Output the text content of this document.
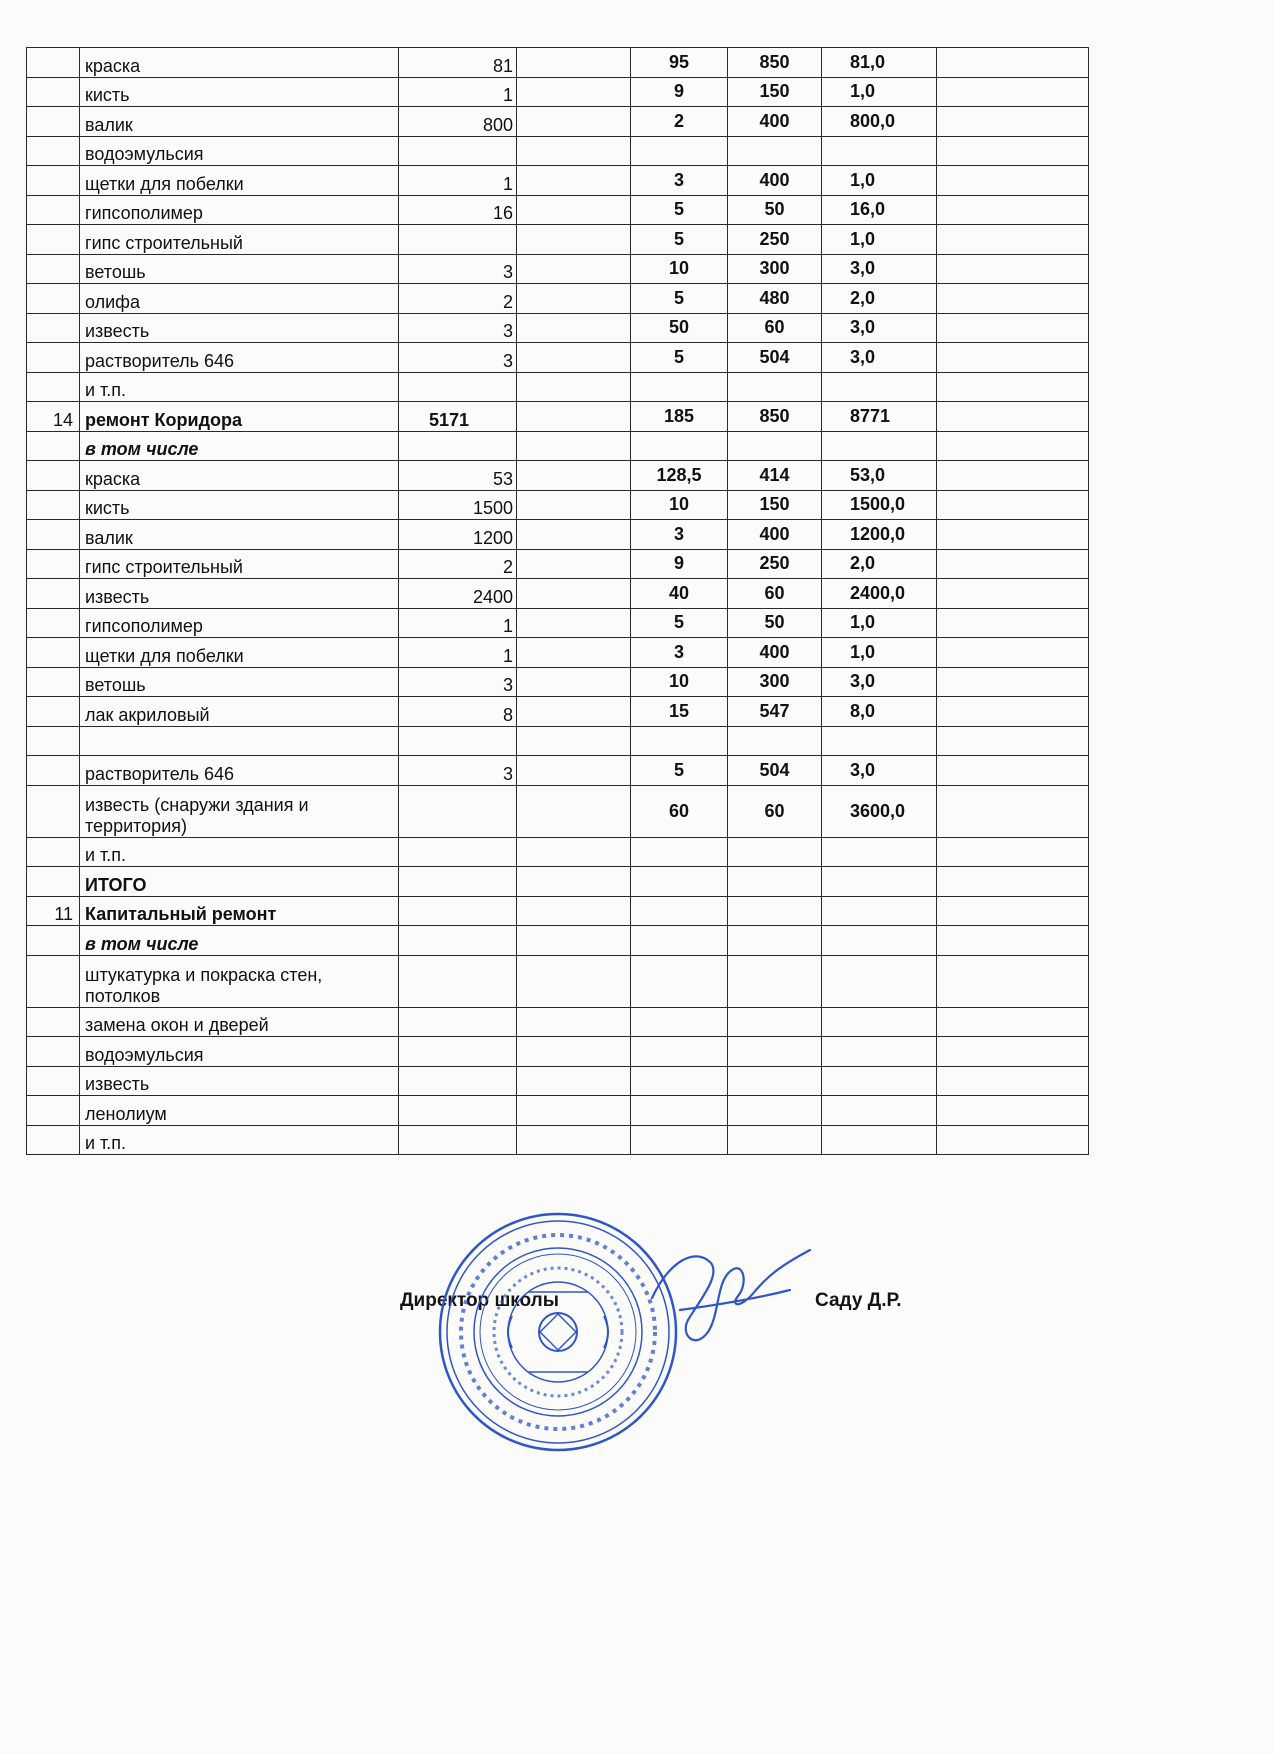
	краска	81		95	850	81,0	
	кисть	1		9	150	1,0	
	валик	800		2	400	800,0	
	водоэмульсия						
	щетки для побелки	1		3	400	1,0	
	гипсополимер	16		5	50	16,0	
	гипс строительный			5	250	1,0	
	ветошь	3		10	300	3,0	
	олифа	2		5	480	2,0	
	известь	3		50	60	3,0	
	растворитель 646	3		5	504	3,0	
	и т.п.						
14	ремонт Коридора	5171		185	850	8771	
	в том числе						
	краска	53		128,5	414	53,0	
	кисть	1500		10	150	1500,0	
	валик	1200		3	400	1200,0	
	гипс строительный	2		9	250	2,0	
	известь	2400		40	60	2400,0	
	гипсополимер	1		5	50	1,0	
	щетки для побелки	1		3	400	1,0	
	ветошь	3		10	300	3,0	
	лак акриловый	8		15	547	8,0	

	растворитель 646	3		5	504	3,0	
	известь (снаружи здания и территория)			60	60	3600,0	
	и т.п.						
	ИТОГО						
11	Капитальный ремонт						
	в том числе						
	штукатурка и покраска стен, потолков						
	замена окон и дверей						
	водоэмульсия						
	известь						
	ленолиум						
	и т.п.						
Директор школы	Саду Д.Р.
